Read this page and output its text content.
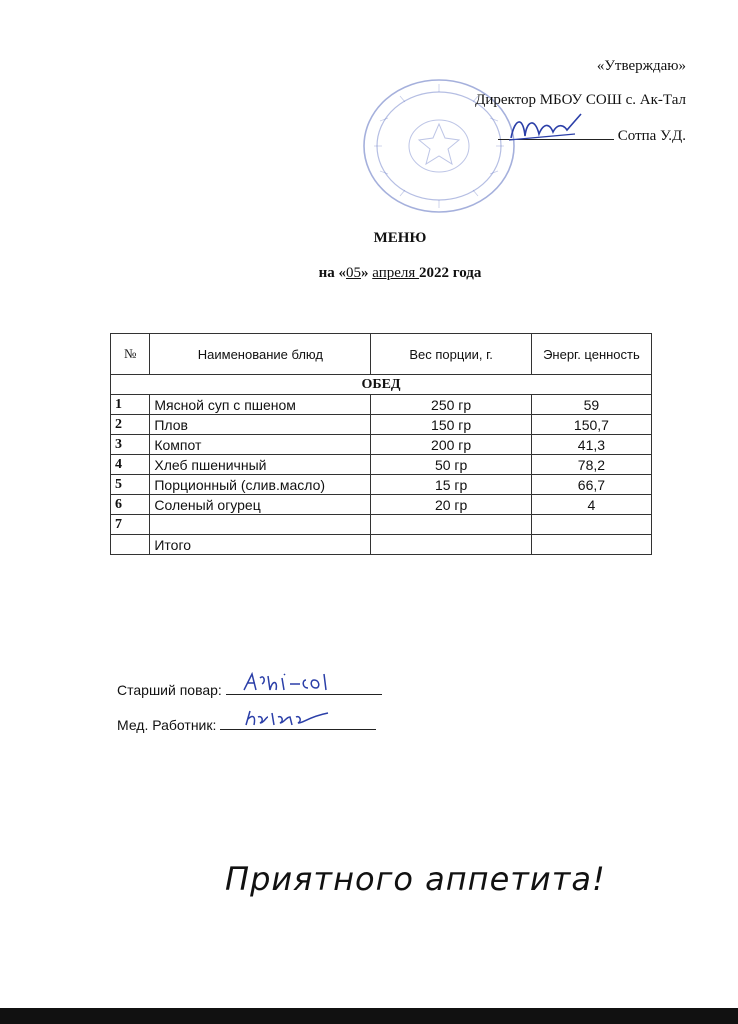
«Утверждаю»
Директор МБОУ СОШ с. Ак-Тал
Сотпа У.Д.
МЕНЮ
на «05» апреля 2022 года
№	Наименование блюд	Вес порции, г.	Энерг. ценность
ОБЕД			
1	Мясной суп с пшеном	250 гр	59
2	Плов	150 гр	150,7
3	Компот	200 гр	41,3
4	Хлеб пшеничный	50 гр	78,2
5	Порционный (слив.масло)	15 гр	66,7
6	Соленый огурец	20 гр	4
7			
	Итого		
Старший повар:
Мед. Работник:
Приятного аппетита!
